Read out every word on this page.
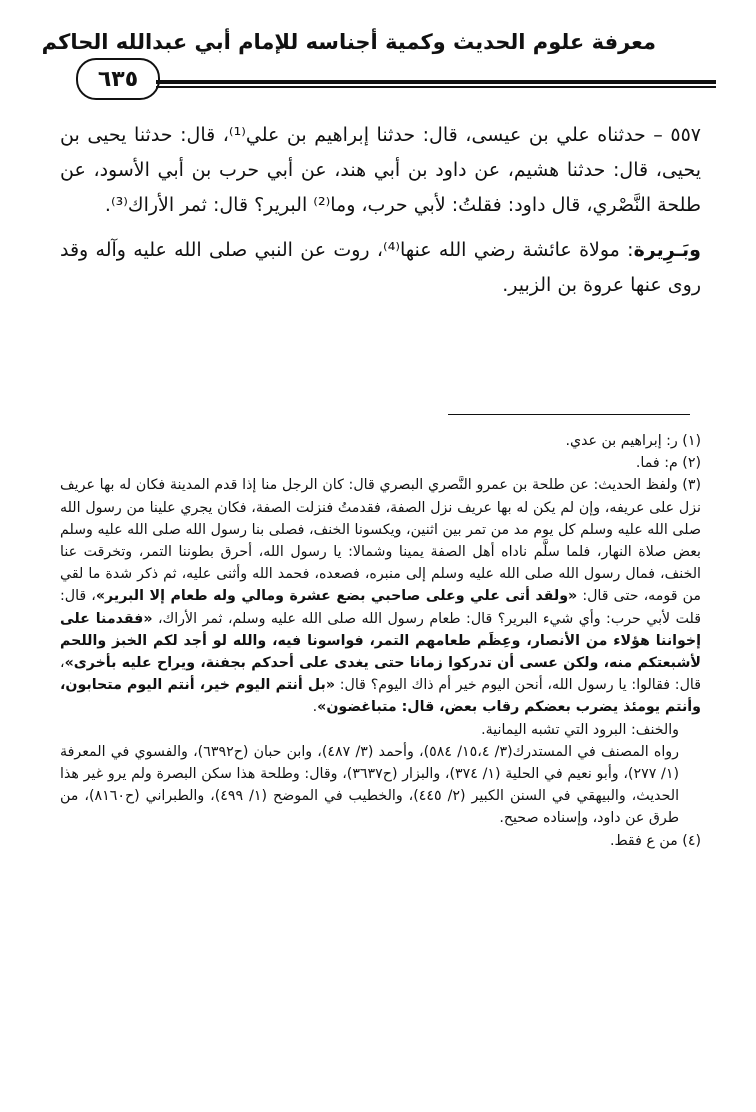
معرفة علوم الحديث وكمية أجناسه للإمام أبي عبدالله الحاكم
٦٣٥

٥٥٧ – حدثناه علي بن عيسى، قال: حدثنا إبراهيم بن علي⁽¹⁾، قال: حدثنا يحيى بن يحيى، قال: حدثنا هشيم، عن داود بن أبي هند، عن أبي حرب بن أبي الأسود، عن طلحة النَّصْري، قال داود: فقلتُ: لأبي حرب، وما⁽²⁾ البرير؟ قال: ثمر الأراك⁽³⁾.

وبَـرِيرة: مولاة عائشة رضي الله عنها⁽⁴⁾، روت عن النبي صلى الله عليه وآله وقد روى عنها عروة بن الزبير.

(١) ر: إبراهيم بن عدي.

(٢) م: فما.

(٣) ولفظ الحديث: عن طلحة بن عمرو النَّصري البصري قال: كان الرجل منا إذا قدم المدينة فكان له بها عريف نزل على عريفه، وإن لم يكن له بها عريف نزل الصفة، فقدمتُ فنزلت الصفة، فكان يجري علينا من رسول الله صلى الله عليه وسلم كل يوم مد من تمر بين اثنين، ويكسونا الخنف، فصلى بنا رسول الله صلى الله عليه وسلم بعض صلاة النهار، فلما سلَّم ناداه أهل الصفة يمينا وشمالا: يا رسول الله، أحرق بطوننا التمر، وتخرقت عنا الخنف، فمال رسول الله صلى الله عليه وسلم إلى منبره، فصعده، فحمد الله وأثنى عليه، ثم ذكر شدة ما لقي من قومه، حتى قال: «ولقد أتى علي وعلى صاحبي بضع عشرة ومالي وله طعام إلا البرير»، قال: قلت لأبي حرب: وأي شيء البرير؟ قال: طعام رسول الله صلى الله عليه وسلم، ثمر الأراك، «فقدمنا على إخواننا هؤلاء من الأنصار، وعِظَم طعامهم التمر، فواسونا فيه، والله لو أجد لكم الخبز واللحم لأشبعتكم منه، ولكن عسى أن تدركوا زمانا حتى يغدى على أحدكم بجفنة، ويراح عليه بأخرى»، قال: فقالوا: يا رسول الله، أنحن اليوم خير أم ذاك اليوم؟ قال: «بل أنتم اليوم خير، أنتم اليوم متحابون، وأنتم يومئذ يضرب بعضكم رقاب بعض، قال: متباغضون».

والخنف: البرود التي تشبه اليمانية.

رواه المصنف في المستدرك(٣/ ١٥،٤/ ٥٨٤)، وأحمد (٣/ ٤٨٧)، وابن حبان (ح٦٣٩٢)، والفسوي في المعرفة (١/ ٢٧٧)، وأبو نعيم في الحلية (١/ ٣٧٤)، والبزار (ح٣٦٣٧)، وقال: وطلحة هذا سكن البصرة ولم يرو غير هذا الحديث، والبيهقي في السنن الكبير (٢/ ٤٤٥)، والخطيب في الموضح (١/ ٤٩٩)، والطبراني (ح٨١٦٠)، من طرق عن داود، وإسناده صحيح.

(٤) من ع فقط.
